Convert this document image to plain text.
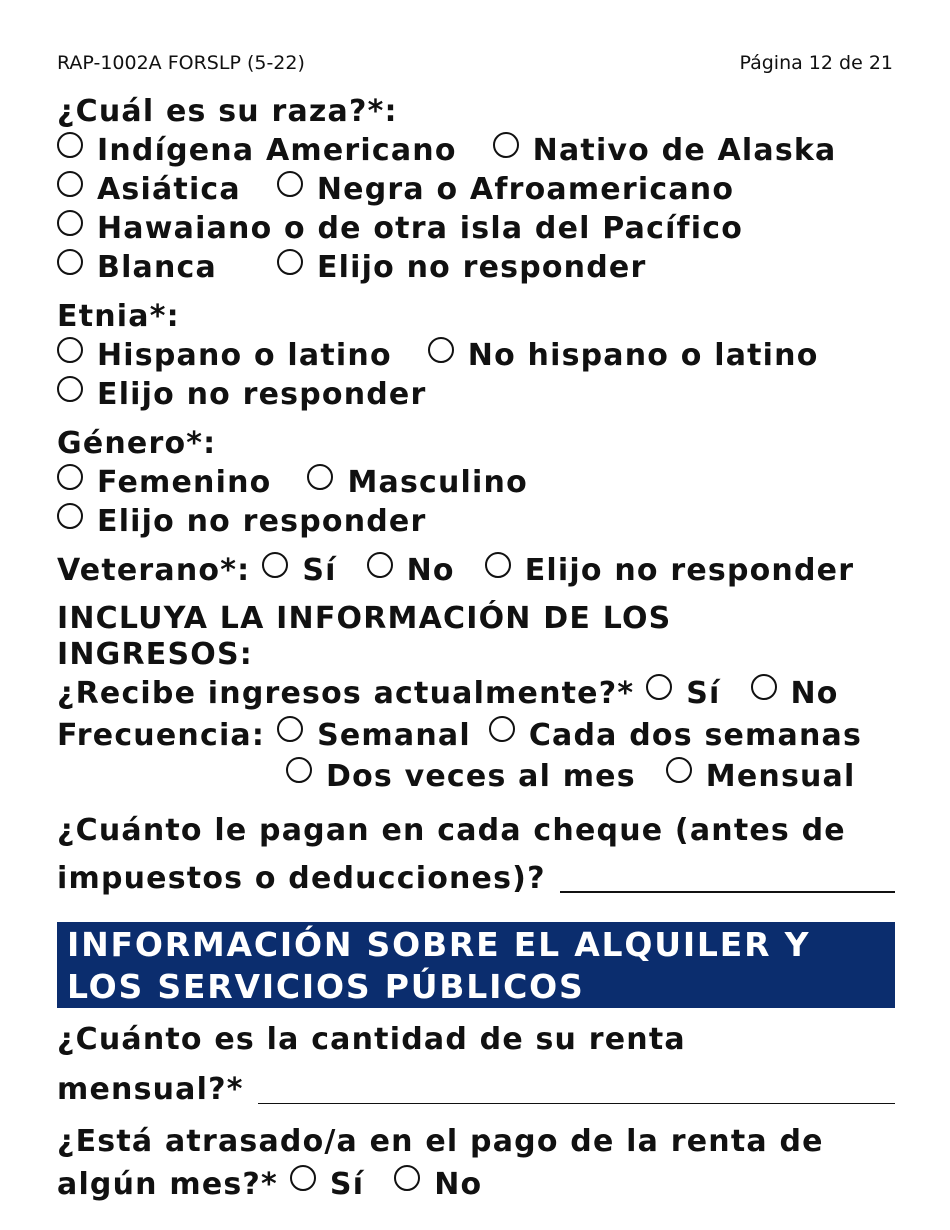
RAP-1002A FORSLP (5-22)	Página 12 de 21
¿Cuál es su raza?*:
Indígena Americano	Nativo de Alaska
Asiática	Negra o Afroamericano
Hawaiano o de otra isla del Pacífico
Blanca	Elijo no responder
Etnia*:
Hispano o latino	No hispano o latino
Elijo no responder
Género*:
Femenino	Masculino
Elijo no responder
Veterano*: Sí No Elijo no responder
INCLUYA LA INFORMACIÓN DE LOS
INGRESOS:
¿Recibe ingresos actualmente?* Sí No
Frecuencia: Semanal Cada dos semanas
Dos veces al mes Mensual
¿Cuánto le pagan en cada cheque (antes de
impuestos o deducciones)?
INFORMACIÓN SOBRE EL ALQUILER Y
LOS SERVICIOS PÚBLICOS
¿Cuánto es la cantidad de su renta
mensual?*
¿Está atrasado/a en el pago de la renta de
algún mes?* Sí No
